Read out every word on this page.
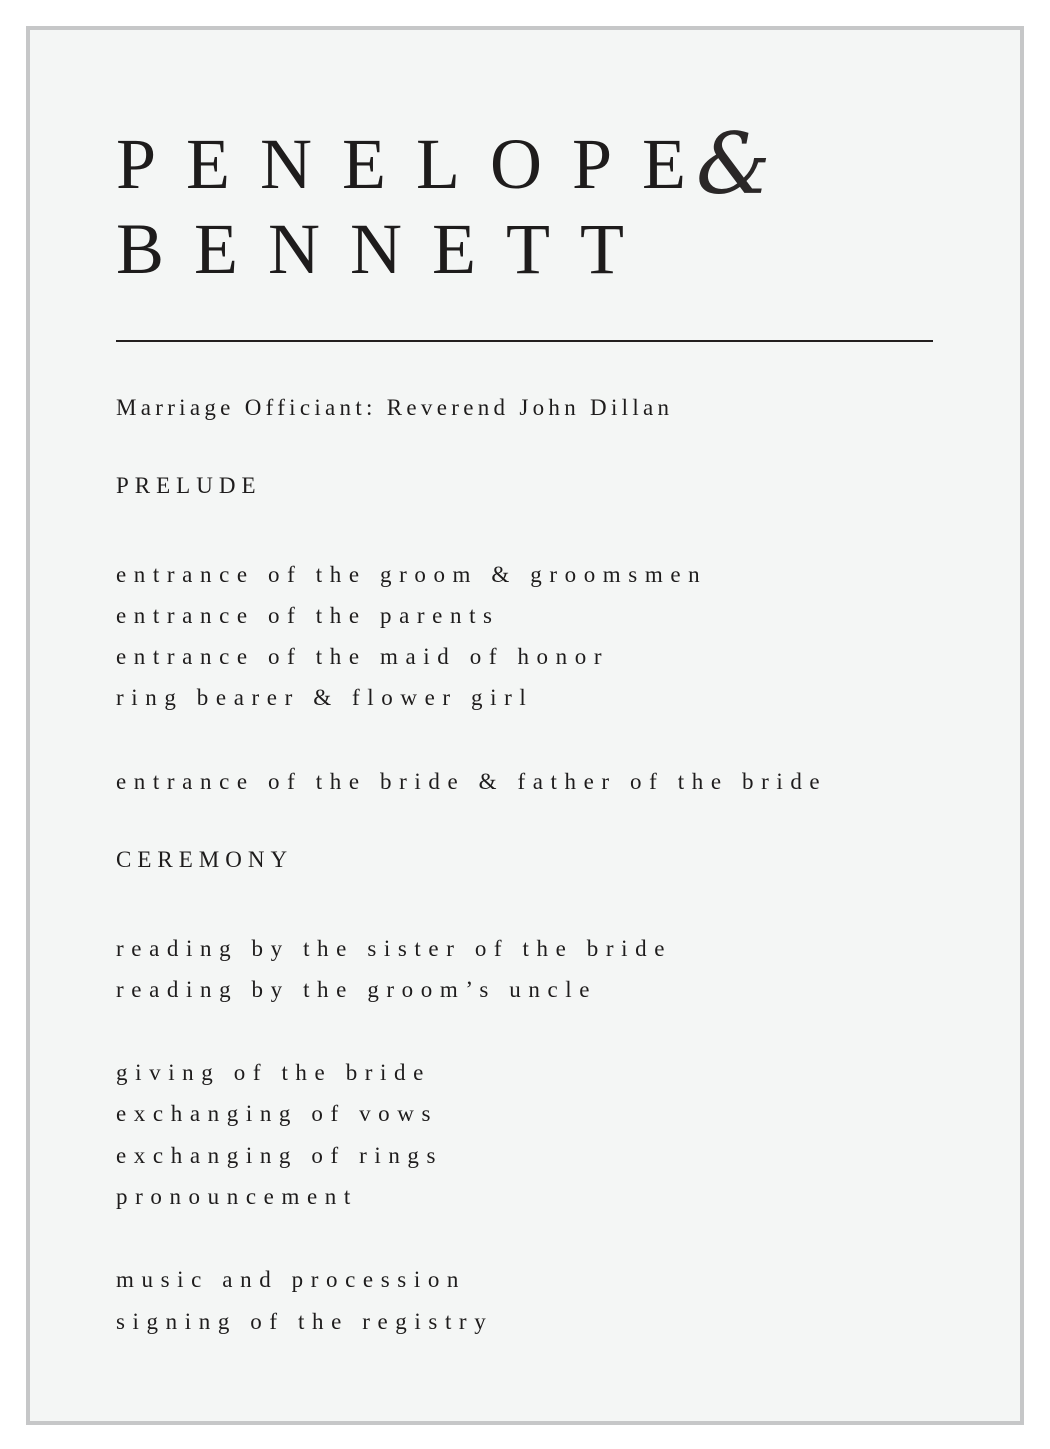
PENELOPE
&
BENNETT
Marriage Officiant: Reverend John Dillan
PRELUDE
entrance of the groom & groomsmen
entrance of the parents
entrance of the maid of honor
ring bearer & flower girl
entrance of the bride & father of the bride
CEREMONY
reading by the sister of the bride
reading by the groom’s uncle
giving of the bride
exchanging of vows
exchanging of rings
pronouncement
music and procession
signing of the registry
